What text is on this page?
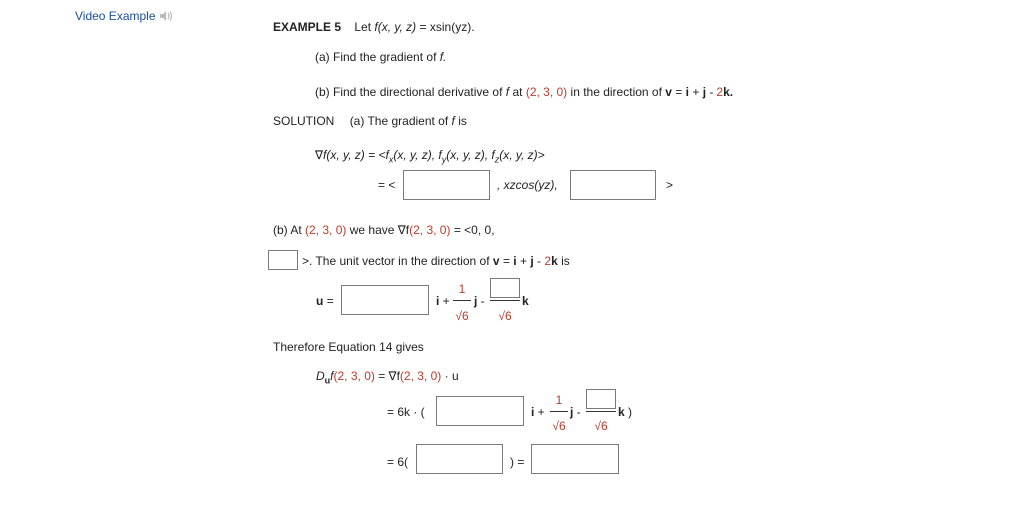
Video Example
EXAMPLE 5 Let f(x, y, z) = xsin(yz).
(a) Find the gradient of f.
(b) Find the directional derivative of f at (2, 3, 0) in the direction of v = i + j - 2k.
SOLUTION (a) The gradient of f is
∇f(x, y, $z) = <f_x(x$, y, z), $f_y(x$, y, z), $f_z(x$, y, z)>
= <	, xzcos(yz),	>
(b) At (2, 3, 0) we have ∇f(2, 3, 0) = <0, 0,
>. The unit vector in the direction of v = i + j - 2k is
u =	i +
1
√6
j -
√6
k
Therefore Equation 14 gives
$D_uf(2$, 3, 0) = ∇f(2, 3, 0) · u
= 6k · (	i +
1
√6
j -
√6
k )
= 6(	) =
